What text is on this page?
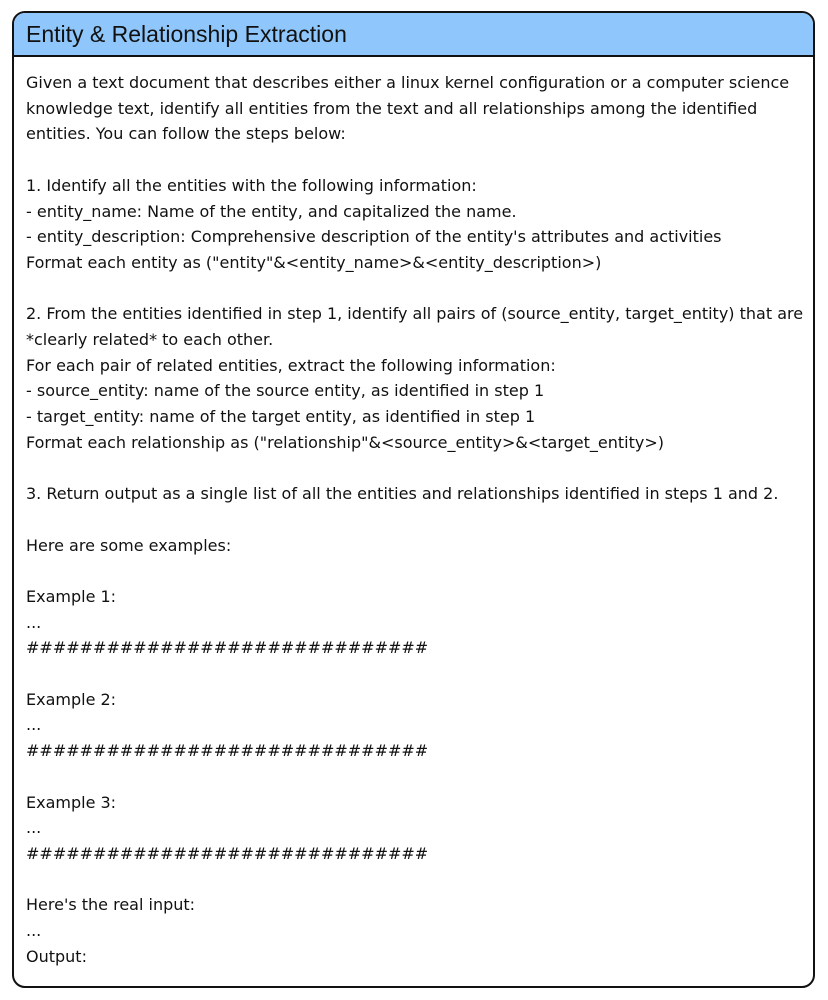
Entity & Relationship Extraction
Given a text document that describes either a linux kernel configuration or a computer science
knowledge text, identify all entities from the text and all relationships among the identified
entities. You can follow the steps below:
1. Identify all the entities with the following information:
- entity_name: Name of the entity, and capitalized the name.
- entity_description: Comprehensive description of the entity's attributes and activities
Format each entity as ("entity"&<entity_name>&<entity_description>)
2. From the entities identified in step 1, identify all pairs of (source_entity, target_entity) that are
*clearly related* to each other.
For each pair of related entities, extract the following information:
- source_entity: name of the source entity, as identified in step 1
- target_entity: name of the target entity, as identified in step 1
Format each relationship as ("relationship"&<source_entity>&<target_entity>)
3. Return output as a single list of all the entities and relationships identified in steps 1 and 2.
Here are some examples:
Example 1:
...
##############################
Example 2:
...
##############################
Example 3:
...
##############################
Here's the real input:
...
Output:
